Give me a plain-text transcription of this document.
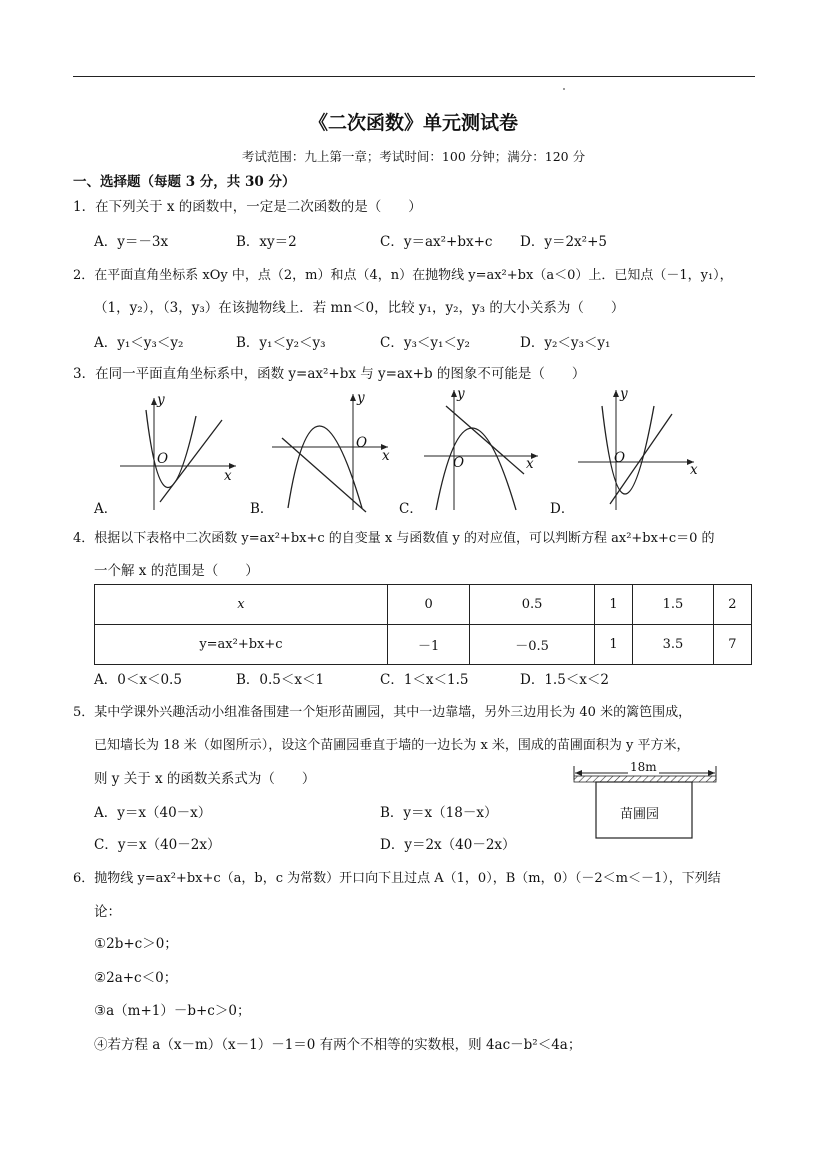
《二次函数》单元测试卷
考试范围：九上第一章；考试时间：100 分钟；满分：120 分
一、选择题（每题 3 分，共 30 分）
1．在下列关于 x 的函数中，一定是二次函数的是（　　）
A．y＝－3x	B．xy＝2	C．y＝ax²+bx+c D．y＝2x²+5
2．在平面直角坐标系 xOy 中，点（2，m）和点（4，n）在抛物线 y=ax²+bx（a＜0）上．已知点（－1，y₁），
（1，y₂），（3，y₃）在该抛物线上．若 mn＜0，比较 y₁，y₂，y₃ 的大小关系为（　　）
A．y₁＜y₃＜y₂	B．y₁＜y₂＜y₃	C．y₃＜y₁＜y₂	D．y₂＜y₃＜y₁
3．在同一平面直角坐标系中，函数 y=ax²+bx 与 y=ax+b 的图象不可能是（　　）
y
x
O
A．
y
x
O
B．
y
x
O
C．
y
x
O
D．
4．根据以下表格中二次函数 y=ax²+bx+c 的自变量 x 与函数值 y 的对应值，可以判断方程 ax²+bx+c＝0 的
一个解 x 的范围是（　　）
x	0	0.5	1	1.5	2
y=ax²+bx+c	－1	－0.5	1	3.5	7
A．0＜x＜0.5	B．0.5＜x＜1	C．1＜x＜1.5	D．1.5＜x＜2
5．某中学课外兴趣活动小组准备围建一个矩形苗圃园，其中一边靠墙，另外三边用长为 40 米的篱笆围成，
已知墙长为 18 米（如图所示），设这个苗圃园垂直于墙的一边长为 x 米，围成的苗圃面积为 y 平方米，
则 y 关于 x 的函数关系式为（　　）
A．y＝x（40－x）	B．y＝x（18－x）
C．y＝x（40－2x）	D．y＝2x（40－2x）
18m
苗圃园
6．抛物线 y=ax²+bx+c（a，b，c 为常数）开口向下且过点 A（1，0），B（m，0）（－2＜m＜－1），下列结
论：
①2b+c＞0；
②2a+c＜0；
③a（m+1）－b+c＞0；
④若方程 a（x－m）（x－1）－1＝0 有两个不相等的实数根，则 4ac－b²＜4a；
